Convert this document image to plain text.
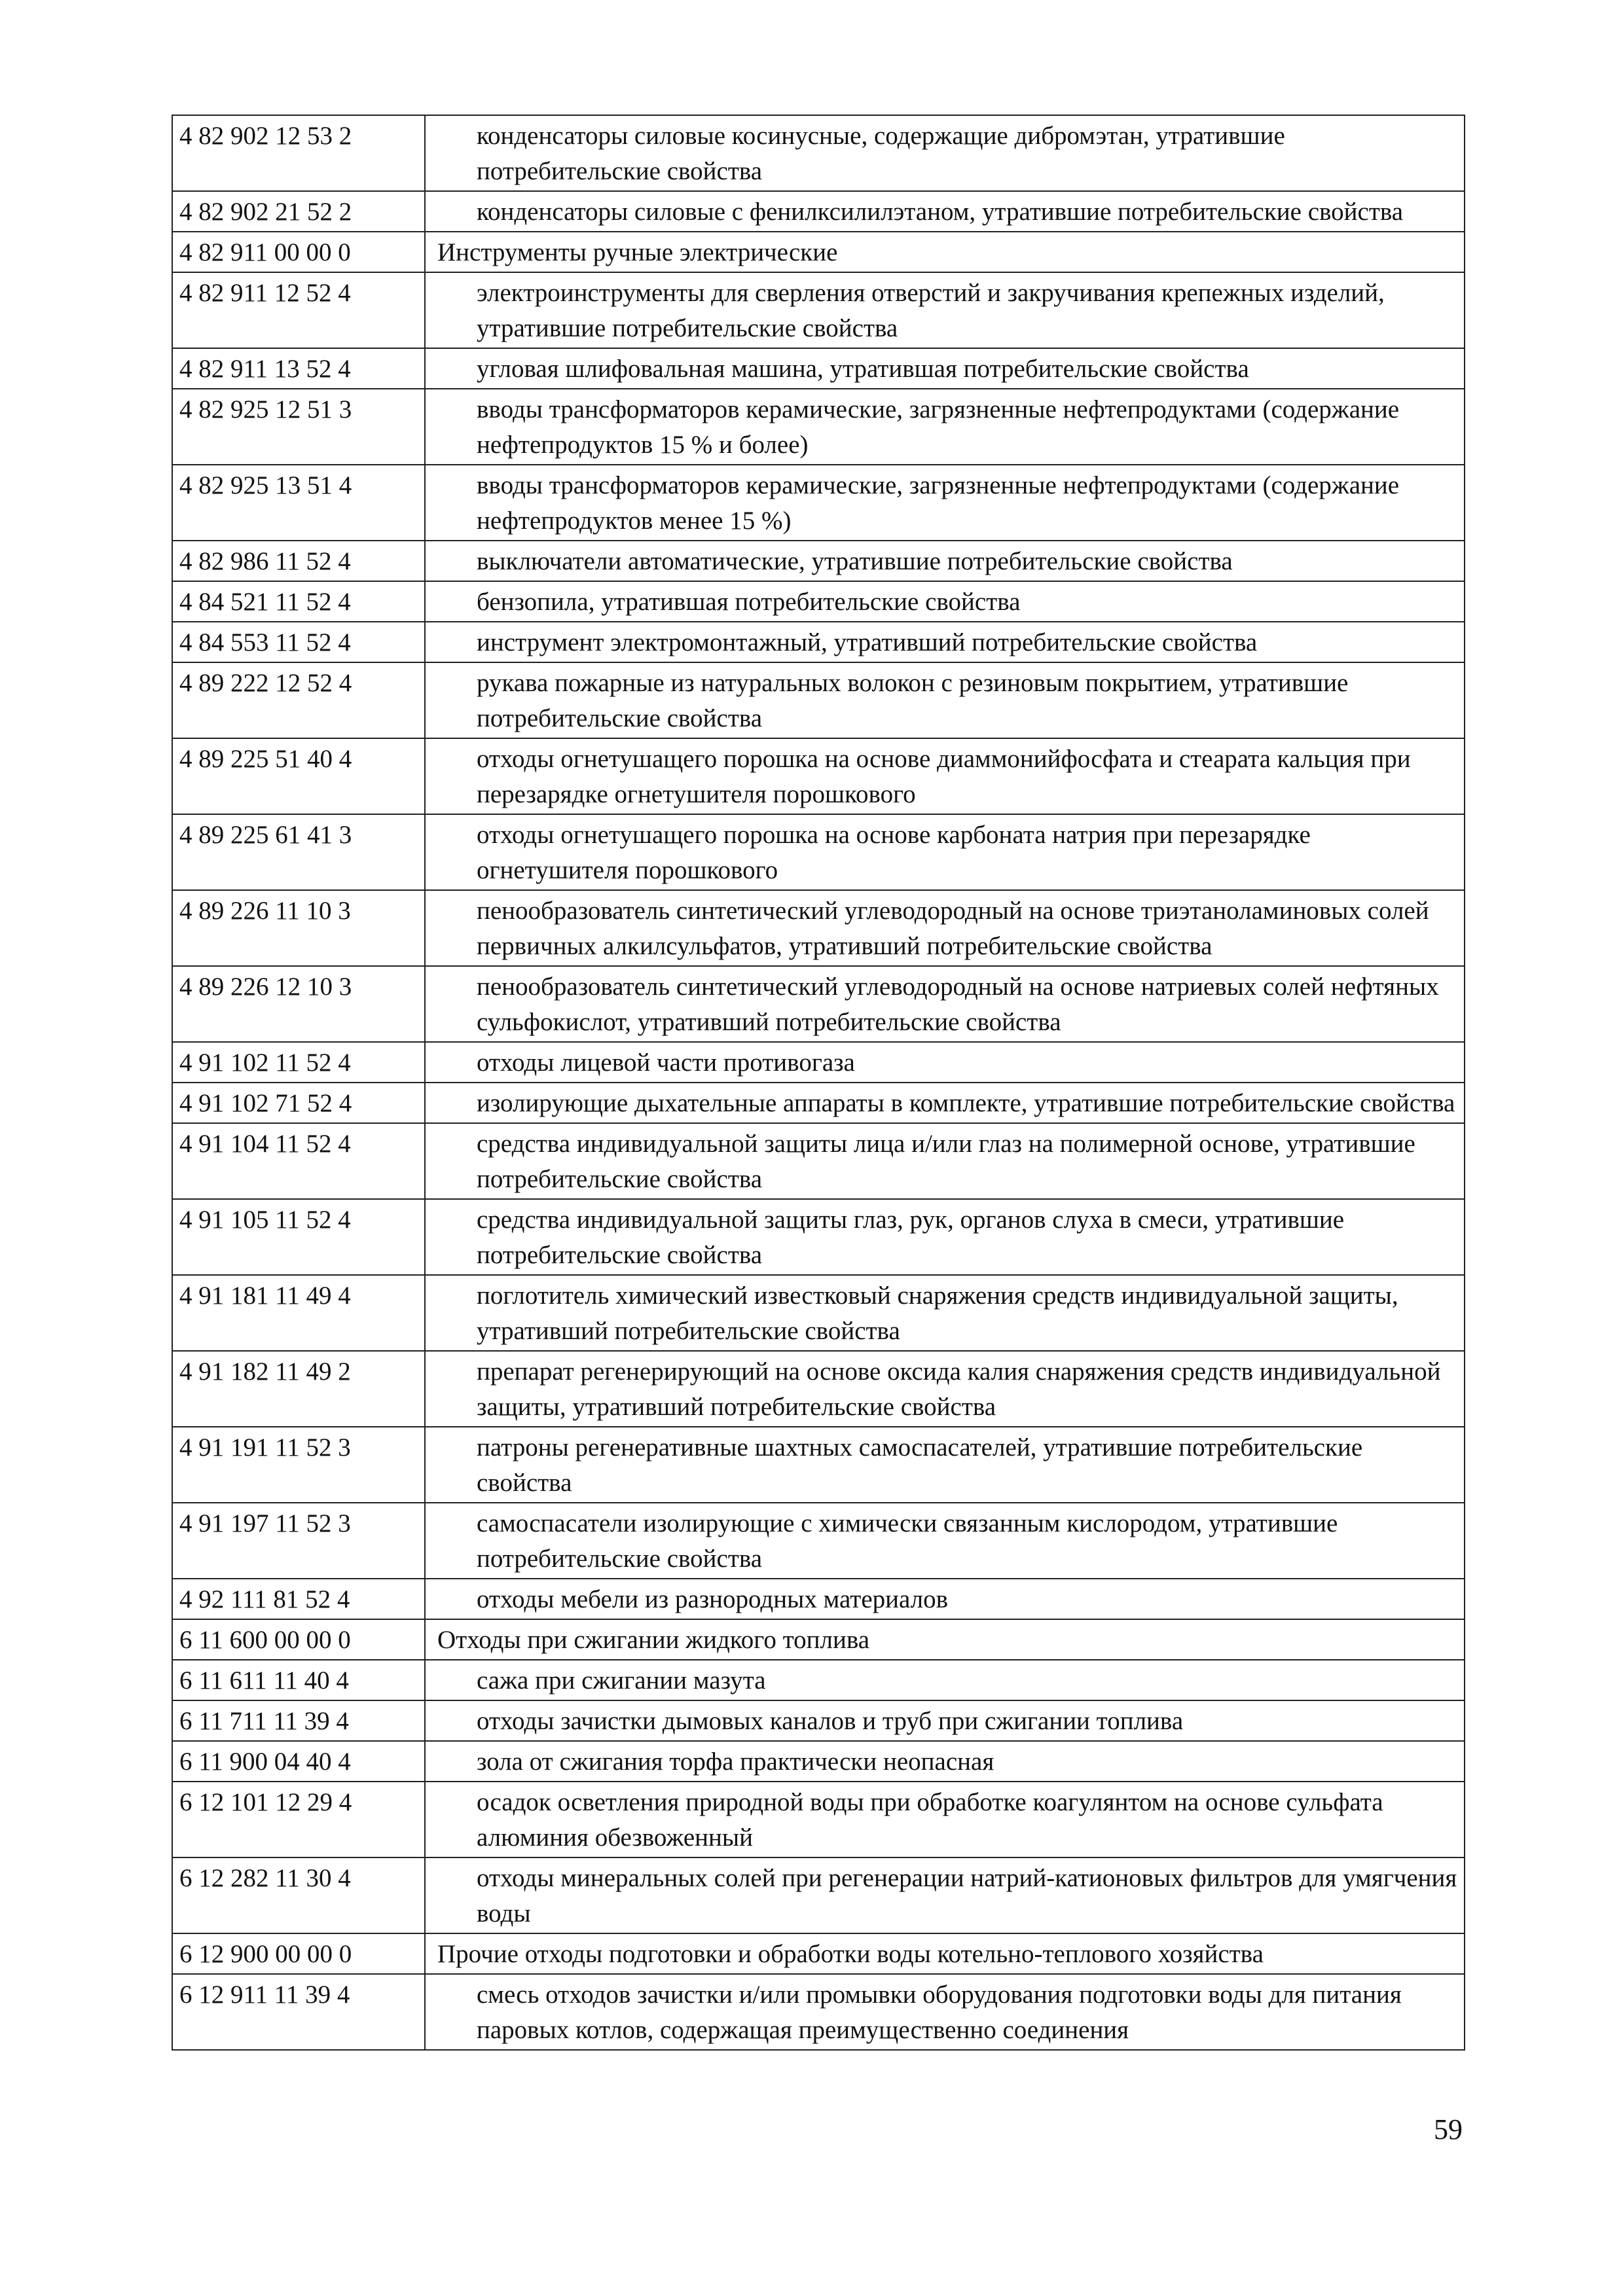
4 82 902 12 53 2	конденсаторы силовые косинусные, содержащие дибромэтан, утратившие потребительские свойства
4 82 902 21 52 2	конденсаторы силовые с фенилксилилэтаном, утратившие потребительские свойства
4 82 911 00 00 0	Инструменты ручные электрические
4 82 911 12 52 4	электроинструменты для сверления отверстий и закручивания крепежных изделий, утратившие потребительские свойства
4 82 911 13 52 4	угловая шлифовальная машина, утратившая потребительские свойства
4 82 925 12 51 3	вводы трансформаторов керамические, загрязненные нефтепродуктами (содержание нефтепродуктов 15 % и более)
4 82 925 13 51 4	вводы трансформаторов керамические, загрязненные нефтепродуктами (содержание нефтепродуктов менее 15 %)
4 82 986 11 52 4	выключатели автоматические, утратившие потребительские свойства
4 84 521 11 52 4	бензопила, утратившая потребительские свойства
4 84 553 11 52 4	инструмент электромонтажный, утративший потребительские свойства
4 89 222 12 52 4	рукава пожарные из натуральных волокон с резиновым покрытием, утратившие потребительские свойства
4 89 225 51 40 4	отходы огнетушащего порошка на основе диаммонийфосфата и стеарата кальция при перезарядке огнетушителя порошкового
4 89 225 61 41 3	отходы огнетушащего порошка на основе карбоната натрия при перезарядке огнетушителя порошкового
4 89 226 11 10 3	пенообразователь синтетический углеводородный на основе триэтаноламиновых солей первичных алкилсульфатов, утративший потребительские свойства
4 89 226 12 10 3	пенообразователь синтетический углеводородный на основе натриевых солей нефтяных сульфокислот, утративший потребительские свойства
4 91 102 11 52 4	отходы лицевой части противогаза
4 91 102 71 52 4	изолирующие дыхательные аппараты в комплекте, утратившие потребительские свойства
4 91 104 11 52 4	средства индивидуальной защиты лица и/или глаз на полимерной основе, утратившие потребительские свойства
4 91 105 11 52 4	средства индивидуальной защиты глаз, рук, органов слуха в смеси, утратившие потребительские свойства
4 91 181 11 49 4	поглотитель химический известковый снаряжения средств индивидуальной защиты, утративший потребительские свойства
4 91 182 11 49 2	препарат регенерирующий на основе оксида калия снаряжения средств индивидуальной защиты, утративший потребительские свойства
4 91 191 11 52 3	патроны регенеративные шахтных самоспасателей, утратившие потребительские свойства
4 91 197 11 52 3	самоспасатели изолирующие с химически связанным кислородом, утратившие потребительские свойства
4 92 111 81 52 4	отходы мебели из разнородных материалов
6 11 600 00 00 0	Отходы при сжигании жидкого топлива
6 11 611 11 40 4	сажа при сжигании мазута
6 11 711 11 39 4	отходы зачистки дымовых каналов и труб при сжигании топлива
6 11 900 04 40 4	зола от сжигания торфа практически неопасная
6 12 101 12 29 4	осадок осветления природной воды при обработке коагулянтом на основе сульфата алюминия обезвоженный
6 12 282 11 30 4	отходы минеральных солей при регенерации натрий-катионовых фильтров для умягчения воды
6 12 900 00 00 0	Прочие отходы подготовки и обработки воды котельно-теплового хозяйства
6 12 911 11 39 4	смесь отходов зачистки и/или промывки оборудования подготовки воды для питания паровых котлов, содержащая преимущественно соединения
59
